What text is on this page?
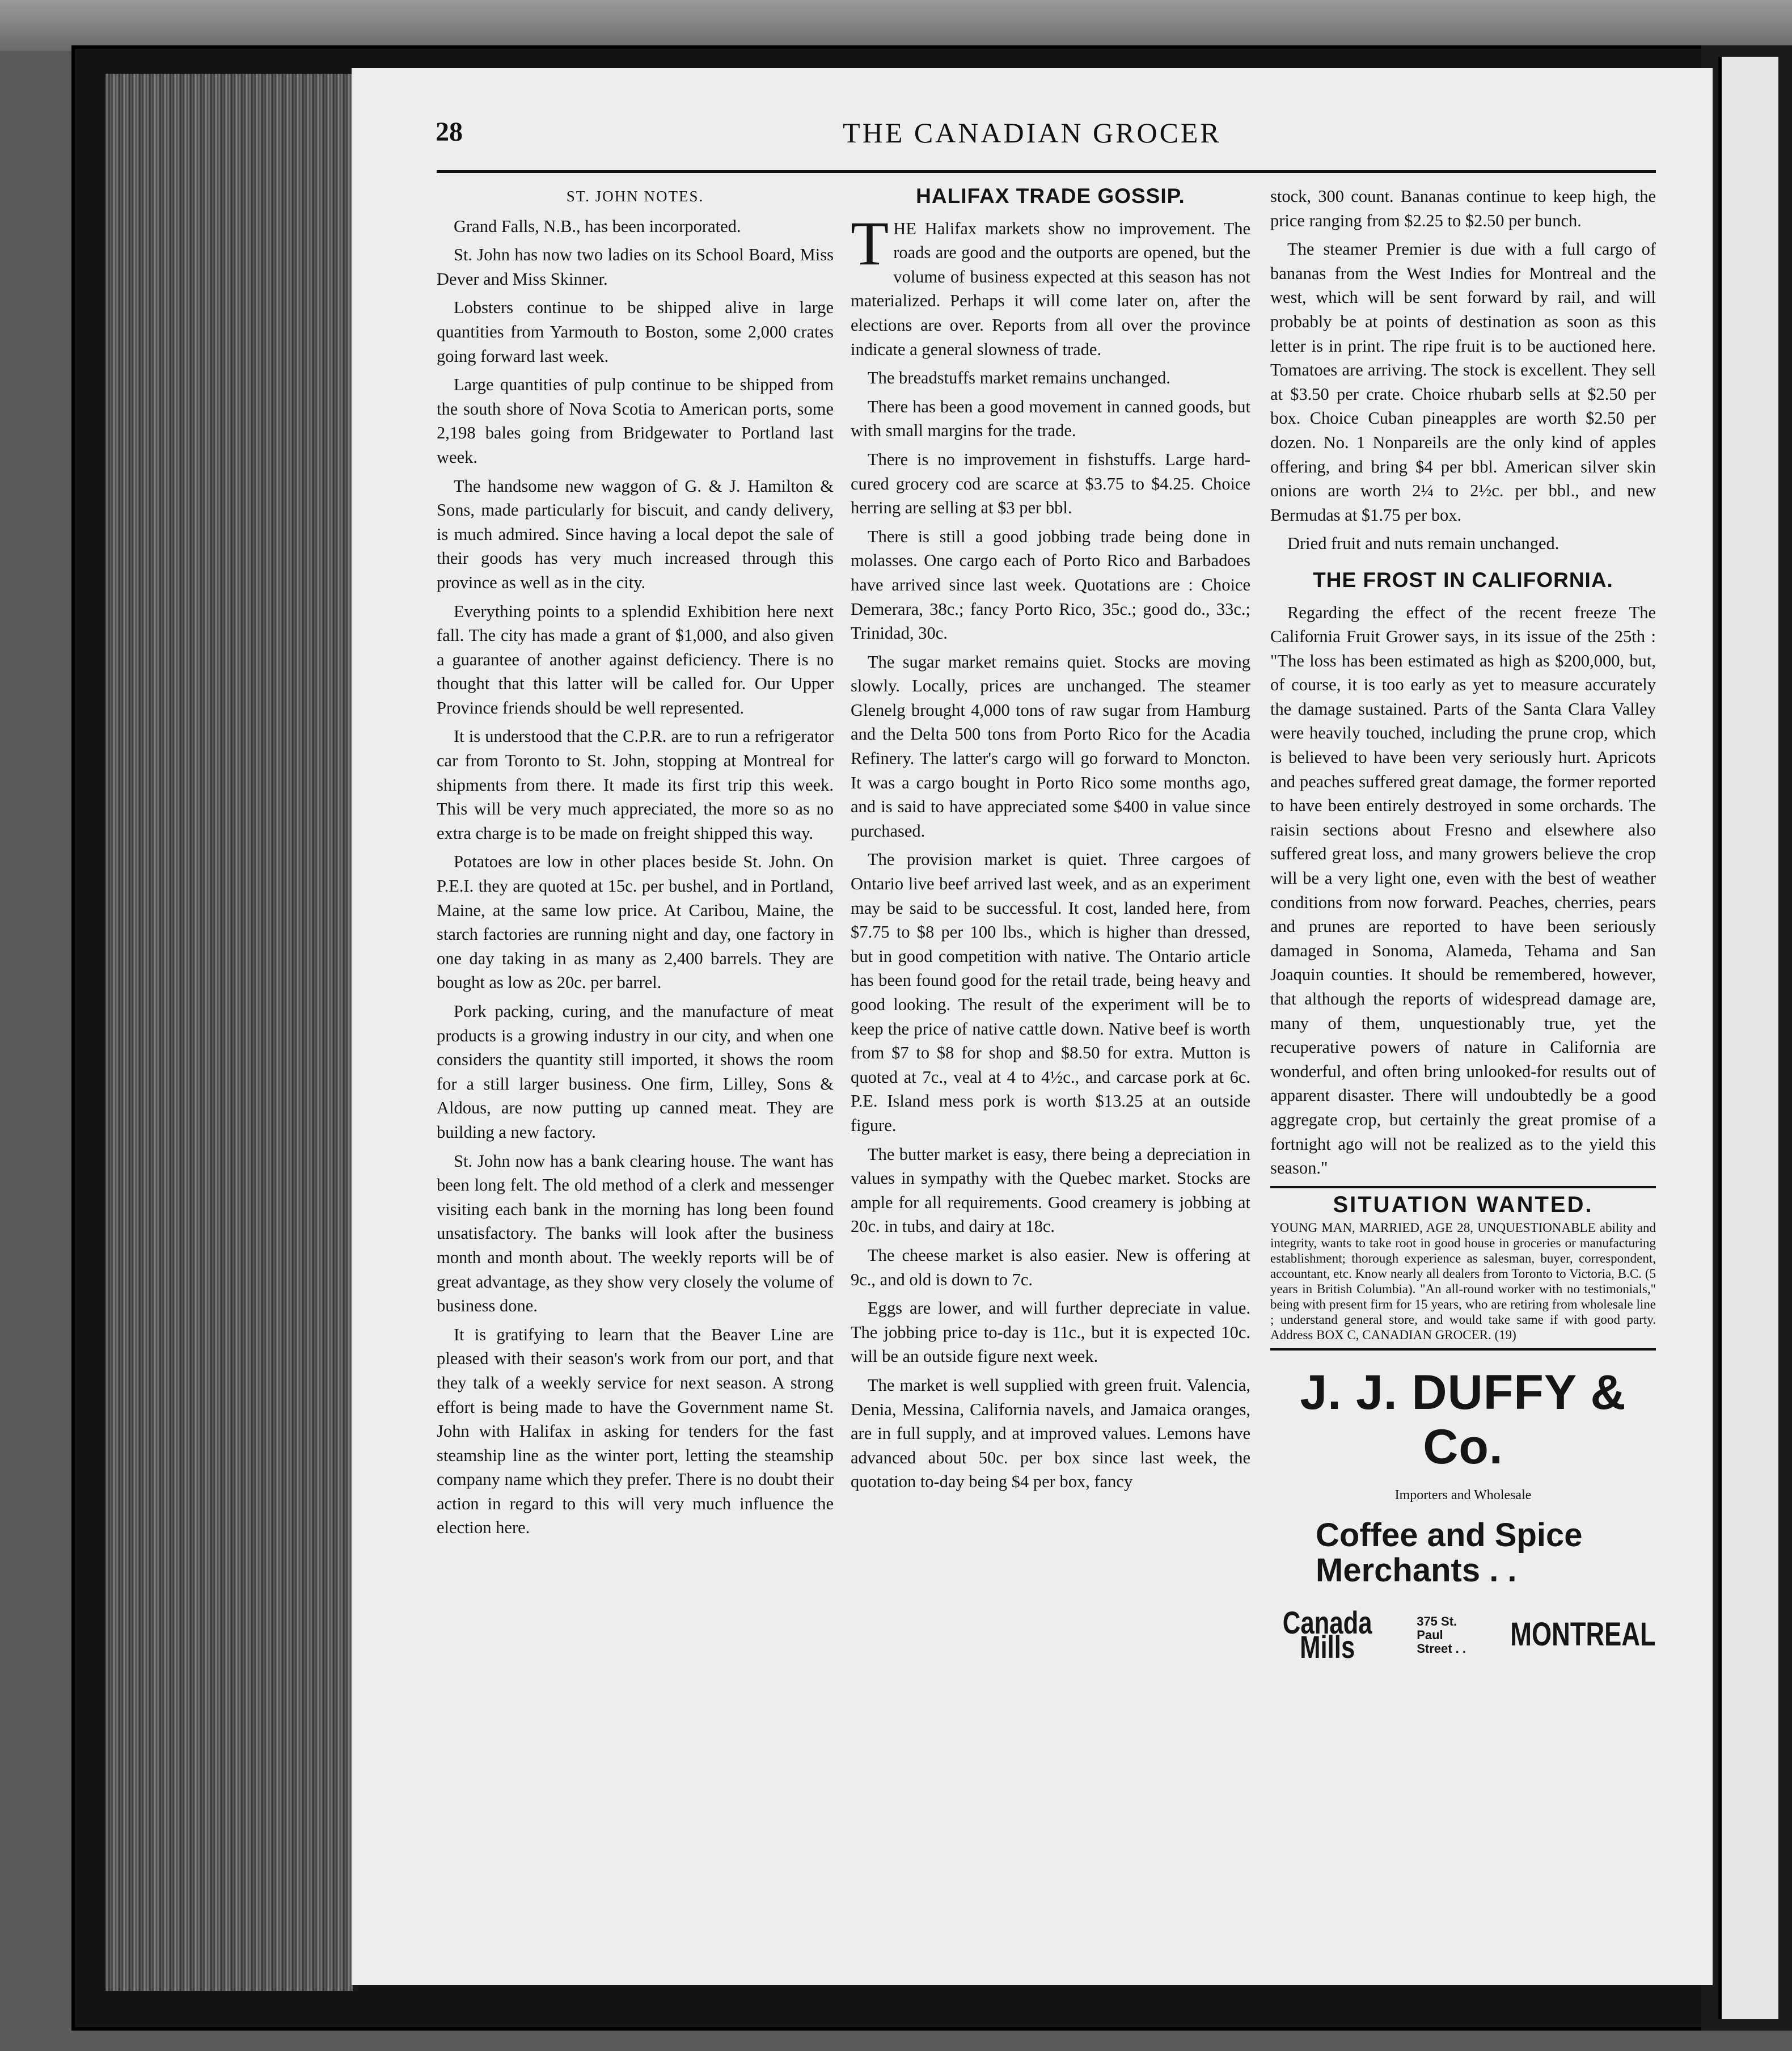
28	THE CANADIAN GROCER
ST. JOHN NOTES.

Grand Falls, N.B., has been incorporated.

St. John has now two ladies on its School Board, Miss Dever and Miss Skinner.

Lobsters continue to be shipped alive in large quantities from Yarmouth to Boston, some 2,000 crates going forward last week.

Large quantities of pulp continue to be shipped from the south shore of Nova Scotia to American ports, some 2,198 bales going from Bridgewater to Portland last week.

The handsome new waggon of G. & J. Hamilton & Sons, made particularly for biscuit, and candy delivery, is much admired. Since having a local depot the sale of their goods has very much increased through this province as well as in the city.

Everything points to a splendid Exhibition here next fall. The city has made a grant of $1,000, and also given a guarantee of another against deficiency. There is no thought that this latter will be called for. Our Upper Province friends should be well represented.

It is understood that the C.P.R. are to run a refrigerator car from Toronto to St. John, stopping at Montreal for shipments from there. It made its first trip this week. This will be very much appreciated, the more so as no extra charge is to be made on freight shipped this way.

Potatoes are low in other places beside St. John. On P.E.I. they are quoted at 15c. per bushel, and in Portland, Maine, at the same low price. At Caribou, Maine, the starch factories are running night and day, one factory in one day taking in as many as 2,400 barrels. They are bought as low as 20c. per barrel.

Pork packing, curing, and the manufacture of meat products is a growing industry in our city, and when one considers the quantity still imported, it shows the room for a still larger business. One firm, Lilley, Sons & Aldous, are now putting up canned meat. They are building a new factory.

St. John now has a bank clearing house. The want has been long felt. The old method of a clerk and messenger visiting each bank in the morning has long been found unsatisfactory. The banks will look after the business month and month about. The weekly reports will be of great advantage, as they show very closely the volume of business done.

It is gratifying to learn that the Beaver Line are pleased with their season's work from our port, and that they talk of a weekly service for next season. A strong effort is being made to have the Government name St. John with Halifax in asking for tenders for the fast steamship line as the winter port, letting the steamship company name which they prefer. There is no doubt their action in regard to this will very much influence the election here.

HALIFAX TRADE GOSSIP.

THE Halifax markets show no improvement. The roads are good and the outports are opened, but the volume of business expected at this season has not materialized. Perhaps it will come later on, after the elections are over. Reports from all over the province indicate a general slowness of trade.

The breadstuffs market remains unchanged.

There has been a good movement in canned goods, but with small margins for the trade.

There is no improvement in fishstuffs. Large hard-cured grocery cod are scarce at $3.75 to $4.25. Choice herring are selling at $3 per bbl.

There is still a good jobbing trade being done in molasses. One cargo each of Porto Rico and Barbadoes have arrived since last week. Quotations are : Choice Demerara, 38c.; fancy Porto Rico, 35c.; good do., 33c.; Trinidad, 30c.

The sugar market remains quiet. Stocks are moving slowly. Locally, prices are unchanged. The steamer Glenelg brought 4,000 tons of raw sugar from Hamburg and the Delta 500 tons from Porto Rico for the Acadia Refinery. The latter's cargo will go forward to Moncton. It was a cargo bought in Porto Rico some months ago, and is said to have appreciated some $400 in value since purchased.

The provision market is quiet. Three cargoes of Ontario live beef arrived last week, and as an experiment may be said to be successful. It cost, landed here, from $7.75 to $8 per 100 lbs., which is higher than dressed, but in good competition with native. The Ontario article has been found good for the retail trade, being heavy and good looking. The result of the experiment will be to keep the price of native cattle down. Native beef is worth from $7 to $8 for shop and $8.50 for extra. Mutton is quoted at 7c., veal at 4 to 4½c., and carcase pork at 6c. P.E. Island mess pork is worth $13.25 at an outside figure.

The butter market is easy, there being a depreciation in values in sympathy with the Quebec market. Stocks are ample for all requirements. Good creamery is jobbing at 20c. in tubs, and dairy at 18c.

The cheese market is also easier. New is offering at 9c., and old is down to 7c.

Eggs are lower, and will further depreciate in value. The jobbing price to-day is 11c., but it is expected 10c. will be an outside figure next week.

The market is well supplied with green fruit. Valencia, Denia, Messina, California navels, and Jamaica oranges, are in full supply, and at improved values. Lemons have advanced about 50c. per box since last week, the quotation to-day being $4 per box, fancy

stock, 300 count. Bananas continue to keep high, the price ranging from $2.25 to $2.50 per bunch.

The steamer Premier is due with a full cargo of bananas from the West Indies for Montreal and the west, which will be sent forward by rail, and will probably be at points of destination as soon as this letter is in print. The ripe fruit is to be auctioned here. Tomatoes are arriving. The stock is excellent. They sell at $3.50 per crate. Choice rhubarb sells at $2.50 per box. Choice Cuban pineapples are worth $2.50 per dozen. No. 1 Nonpareils are the only kind of apples offering, and bring $4 per bbl. American silver skin onions are worth 2¼ to 2½c. per bbl., and new Bermudas at $1.75 per box.

Dried fruit and nuts remain unchanged.

THE FROST IN CALIFORNIA.

Regarding the effect of the recent freeze The California Fruit Grower says, in its issue of the 25th : "The loss has been estimated as high as $200,000, but, of course, it is too early as yet to measure accurately the damage sustained. Parts of the Santa Clara Valley were heavily touched, including the prune crop, which is believed to have been very seriously hurt. Apricots and peaches suffered great damage, the former reported to have been entirely destroyed in some orchards. The raisin sections about Fresno and elsewhere also suffered great loss, and many growers believe the crop will be a very light one, even with the best of weather conditions from now forward. Peaches, cherries, pears and prunes are reported to have been seriously damaged in Sonoma, Alameda, Tehama and San Joaquin counties. It should be remembered, however, that although the reports of widespread damage are, many of them, unquestionably true, yet the recuperative powers of nature in California are wonderful, and often bring unlooked-for results out of apparent disaster. There will undoubtedly be a good aggregate crop, but certainly the great promise of a fortnight ago will not be realized as to the yield this season."

SITUATION WANTED.
YOUNG MAN, MARRIED, AGE 28, UNQUESTIONABLE ability and integrity, wants to take root in good house in groceries or manufacturing establishment; thorough experience as salesman, buyer, correspondent, accountant, etc. Know nearly all dealers from Toronto to Victoria, B.C. (5 years in British Columbia). "An all-round worker with no testimonials," being with present firm for 15 years, who are retiring from wholesale line ; understand general store, and would take same if with good party. Address BOX C, CANADIAN GROCER. (19)
J. J. DUFFY & Co.
Importers and Wholesale
Coffee and Spice
Merchants . .
Canada Mills
375 St. Paul
Street . . MONTREAL
